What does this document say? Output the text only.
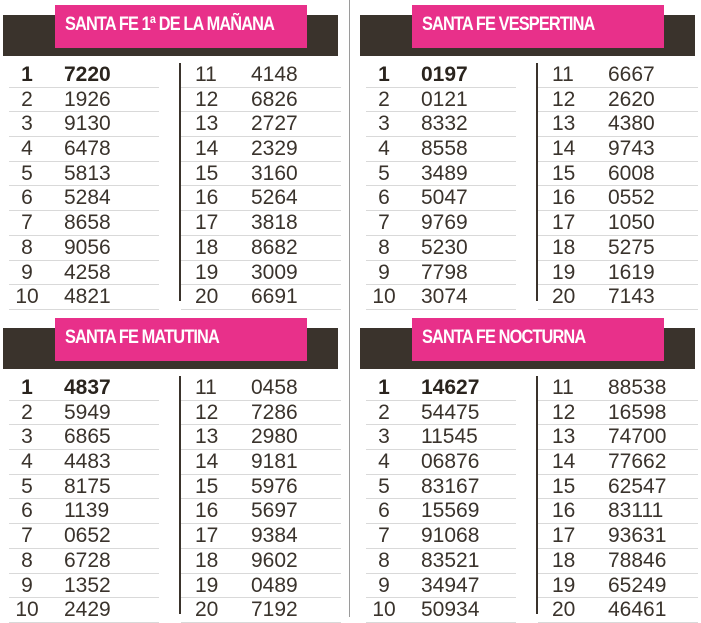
SANTA FE 1ª DE LA MAÑANA
1	7220
2	1926
3	9130
4	6478
5	5813
6	5284
7	8658
8	9056
9	4258
10	4821
11	4148
12	6826
13	2727
14	2329
15	3160
16	5264
17	3818
18	8682
19	3009
20	6691
SANTA FE VESPERTINA
1	0197
2	0121
3	8332
4	8558
5	3489
6	5047
7	9769
8	5230
9	7798
10	3074
11	6667
12	2620
13	4380
14	9743
15	6008
16	0552
17	1050
18	5275
19	1619
20	7143
SANTA FE MATUTINA
1	4837
2	5949
3	6865
4	4483
5	8175
6	1139
7	0652
8	6728
9	1352
10	2429
11	0458
12	7286
13	2980
14	9181
15	5976
16	5697
17	9384
18	9602
19	0489
20	7192
SANTA FE NOCTURNA
1	14627
2	54475
3	11545
4	06876
5	83167
6	15569
7	91068
8	83521
9	34947
10	50934
11	88538
12	16598
13	74700
14	77662
15	62547
16	83111
17	93631
18	78846
19	65249
20	46461
